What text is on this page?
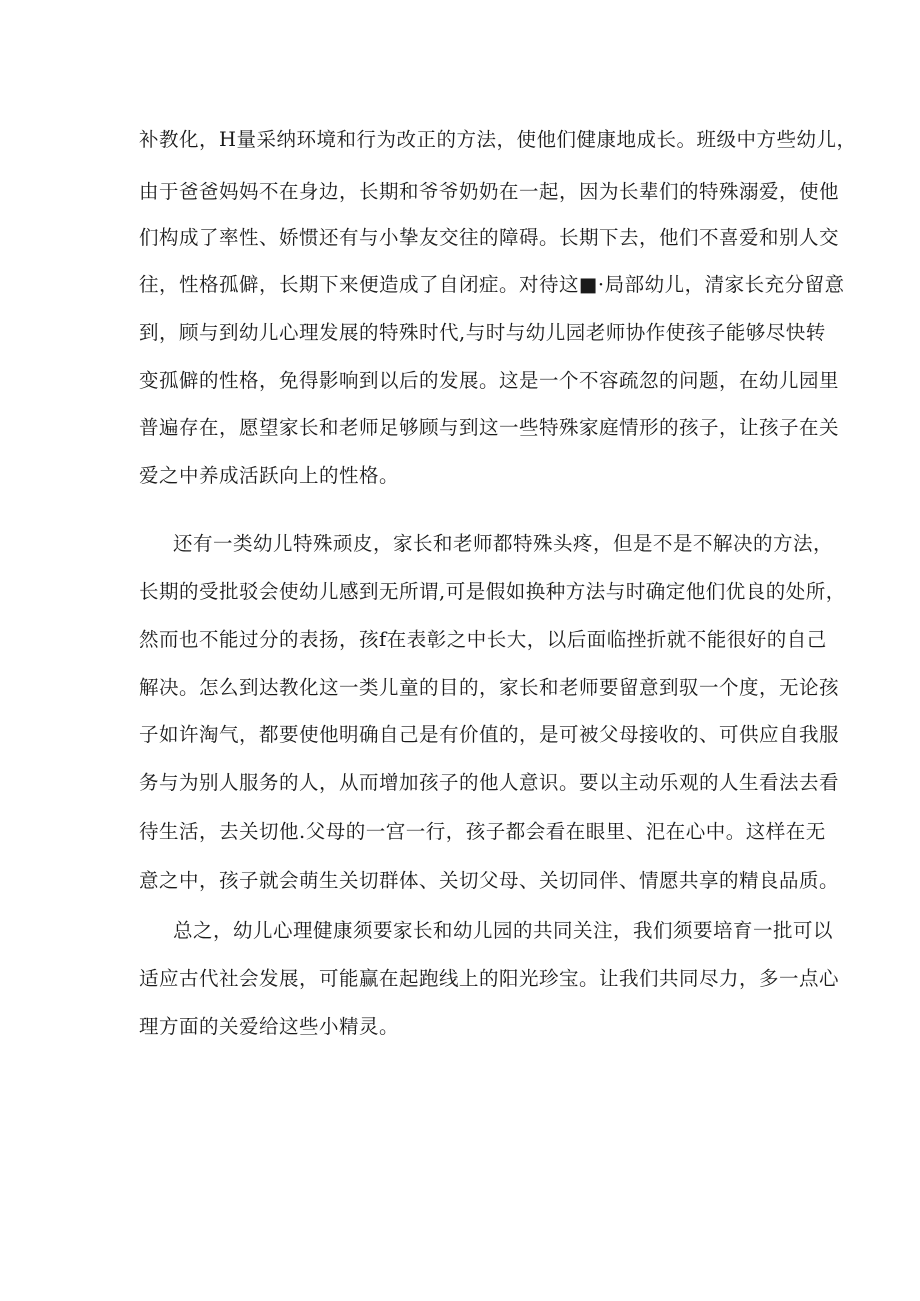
补教化，H量采纳环境和行为改正的方法，使他们健康地成长。班级中方些幼儿，

由于爸爸妈妈不在身边，长期和爷爷奶奶在一起，因为长辈们的特殊溺爱，使他

们构成了率性、娇惯还有与小挚友交往的障碍。长期下去，他们不喜爱和别人交

往，性格孤僻，长期下来便造成了自闭症。对待这■·局部幼儿，清家长充分留意

到，顾与到幼儿心理发展的特殊时代,与时与幼儿园老师协作使孩子能够尽快转

变孤僻的性格，免得影响到以后的发展。这是一个不容疏忽的问题，在幼儿园里

普遍存在，愿望家长和老师足够顾与到这一些特殊家庭情形的孩子，让孩子在关

爱之中养成活跃向上的性格。

还有一类幼儿特殊顽皮，家长和老师都特殊头疼，但是不是不解决的方法，

长期的受批驳会使幼儿感到无所谓,可是假如换种方法与时确定他们优良的处所，

然而也不能过分的表扬，孩f在表彰之中长大，以后面临挫折就不能很好的自己

解决。怎么到达教化这一类儿童的目的，家长和老师要留意到驭一个度，无论孩

子如许淘气，都要使他明确自己是有价值的，是可被父母接收的、可供应自我服

务与为别人服务的人，从而增加孩子的他人意识。要以主动乐观的人生看法去看

待生活，去关切他.父母的一宫一行，孩子都会看在眼里、汜在心中。这样在无

意之中，孩子就会萌生关切群体、关切父母、关切同伴、情愿共享的精良品质。

总之，幼儿心理健康须要家长和幼儿园的共同关注，我们须要培育一批可以

适应古代社会发展，可能赢在起跑线上的阳光珍宝。让我们共同尽力，多一点心

理方面的关爱给这些小精灵。
